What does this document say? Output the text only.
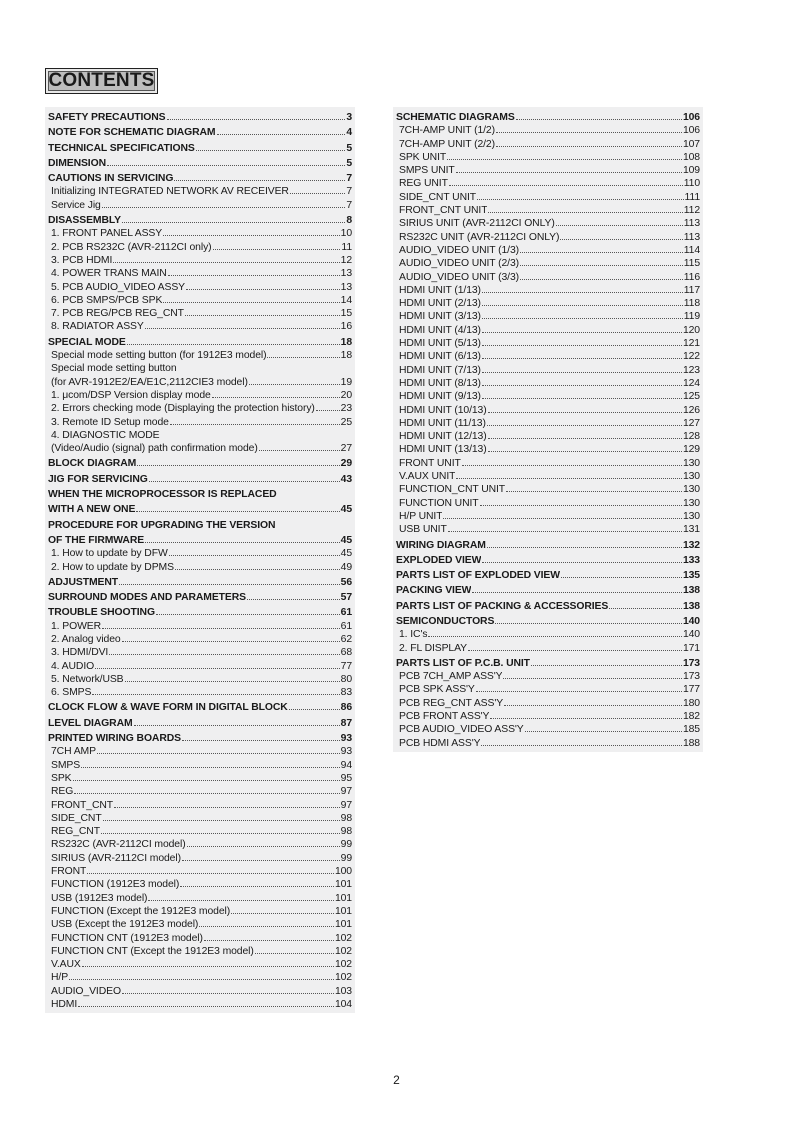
CONTENTS
SAFETY PRECAUTIONS	3
NOTE FOR SCHEMATIC DIAGRAM	4
TECHNICAL SPECIFICATIONS	5
DIMENSION	5
CAUTIONS IN SERVICING	7
Initializing INTEGRATED NETWORK AV RECEIVER	7
Service Jig	7
DISASSEMBLY	8
1. FRONT PANEL ASSY	10
2. PCB RS232C (AVR-2112CI only)	11
3. PCB HDMI	12
4. POWER TRANS MAIN	13
5. PCB AUDIO_VIDEO ASSY	13
6. PCB SMPS/PCB SPK	14
7. PCB REG/PCB REG_CNT	15
8. RADIATOR ASSY	16
SPECIAL MODE	18
Special mode setting button (for 1912E3 model)	18
Special mode setting button
(for AVR-1912E2/EA/E1C,2112CIE3 model)	19
1. μcom/DSP Version display mode	20
2. Errors checking mode (Displaying the protection history) 23
3. Remote ID Setup mode	25
4. DIAGNOSTIC MODE
(Video/Audio (signal) path confirmation mode)	27
BLOCK DIAGRAM	29
JIG FOR SERVICING	43
WHEN THE MICROPROCESSOR IS REPLACED
WITH A NEW ONE	45
PROCEDURE FOR UPGRADING THE VERSION
OF THE FIRMWARE	45
1. How to update by DFW	45
2. How to update by DPMS	49
ADJUSTMENT	56
SURROUND MODES AND PARAMETERS	57
TROUBLE SHOOTING	61
1. POWER	61
2. Analog video	62
3. HDMI/DVI	68
4. AUDIO	77
5. Network/USB	80
6. SMPS	83
CLOCK FLOW & WAVE FORM IN DIGITAL BLOCK	86
LEVEL DIAGRAM	87
PRINTED WIRING BOARDS	93
7CH AMP	93
SMPS	94
SPK	95
REG	97
FRONT_CNT	97
SIDE_CNT	98
REG_CNT	98
RS232C (AVR-2112CI model)	99
SIRIUS (AVR-2112CI model)	99
FRONT	100
FUNCTION (1912E3 model)	101
USB (1912E3 model)	101
FUNCTION (Except the 1912E3 model)	101
USB (Except the 1912E3 model)	101
FUNCTION CNT (1912E3 model)	102
FUNCTION CNT (Except the 1912E3 model)	102
V.AUX	102
H/P	102
AUDIO_VIDEO	103
HDMI	104
SCHEMATIC DIAGRAMS	106
7CH-AMP UNIT (1/2)	106
7CH-AMP UNIT (2/2)	107
SPK UNIT	108
SMPS UNIT	109
REG UNIT	110
SIDE_CNT UNIT	111
FRONT_CNT UNIT	112
SIRIUS UNIT (AVR-2112CI ONLY)	113
RS232C UNIT (AVR-2112CI ONLY)	113
AUDIO_VIDEO UNIT (1/3)	114
AUDIO_VIDEO UNIT (2/3)	115
AUDIO_VIDEO UNIT (3/3)	116
HDMI UNIT (1/13)	117
HDMI UNIT (2/13)	118
HDMI UNIT (3/13)	119
HDMI UNIT (4/13)	120
HDMI UNIT (5/13)	121
HDMI UNIT (6/13)	122
HDMI UNIT (7/13)	123
HDMI UNIT (8/13)	124
HDMI UNIT (9/13)	125
HDMI UNIT (10/13)	126
HDMI UNIT (11/13)	127
HDMI UNIT (12/13)	128
HDMI UNIT (13/13)	129
FRONT UNIT	130
V.AUX UNIT	130
FUNCTION_CNT UNIT	130
FUNCTION UNIT	130
H/P UNIT	130
USB UNIT	131
WIRING DIAGRAM	132
EXPLODED VIEW	133
PARTS LIST OF EXPLODED VIEW	135
PACKING VIEW	138
PARTS LIST OF PACKING & ACCESSORIES	138
SEMICONDUCTORS	140
1. IC's	140
2. FL DISPLAY	171
PARTS LIST OF P.C.B. UNIT	173
PCB 7CH_AMP ASS'Y	173
PCB SPK ASS'Y	177
PCB REG_CNT ASS'Y	180
PCB FRONT ASS'Y	182
PCB AUDIO_VIDEO ASS'Y	185
PCB HDMI ASS'Y	188
2
